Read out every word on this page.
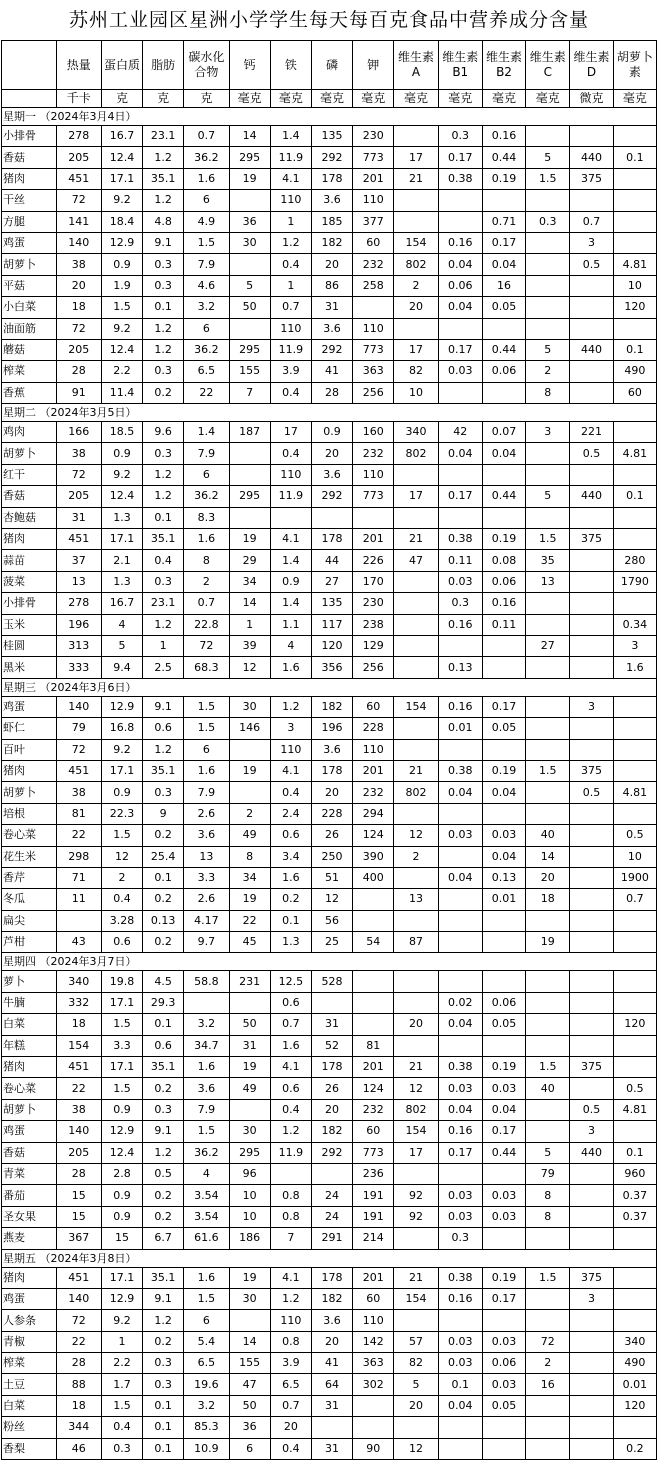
苏州工业园区星洲小学学生每天每百克食品中营养成分含量
	热量	蛋白质	脂肪	碳水化合物	钙	铁	磷	钾	维生素A	维生素B1	维生素B2	维生素C	维生素D	胡萝卜素
	千卡	克	克	克	毫克	毫克	毫克	毫克	毫克	毫克	毫克	毫克	微克	毫克
星期一 （2024年3月4日）														
小排骨	278	16.7	23.1	0.7	14	1.4	135	230		0.3	0.16			
香菇	205	12.4	1.2	36.2	295	11.9	292	773	17	0.17	0.44	5	440	0.1
猪肉	451	17.1	35.1	1.6	19	4.1	178	201	21	0.38	0.19	1.5	375	
干丝	72	9.2	1.2	6		110	3.6	110						
方腿	141	18.4	4.8	4.9	36	1	185	377			0.71	0.3	0.7	
鸡蛋	140	12.9	9.1	1.5	30	1.2	182	60	154	0.16	0.17		3	
胡萝卜	38	0.9	0.3	7.9		0.4	20	232	802	0.04	0.04		0.5	4.81
平菇	20	1.9	0.3	4.6	5	1	86	258	2	0.06	16			10
小白菜	18	1.5	0.1	3.2	50	0.7	31		20	0.04	0.05			120
油面筋	72	9.2	1.2	6		110	3.6	110						
蘑菇	205	12.4	1.2	36.2	295	11.9	292	773	17	0.17	0.44	5	440	0.1
榨菜	28	2.2	0.3	6.5	155	3.9	41	363	82	0.03	0.06	2		490
香蕉	91	11.4	0.2	22	7	0.4	28	256	10			8		60
星期二 （2024年3月5日）														
鸡肉	166	18.5	9.6	1.4	187	17	0.9	160	340	42	0.07	3	221	
胡萝卜	38	0.9	0.3	7.9		0.4	20	232	802	0.04	0.04		0.5	4.81
红干	72	9.2	1.2	6		110	3.6	110						
香菇	205	12.4	1.2	36.2	295	11.9	292	773	17	0.17	0.44	5	440	0.1
杏鲍菇	31	1.3	0.1	8.3										
猪肉	451	17.1	35.1	1.6	19	4.1	178	201	21	0.38	0.19	1.5	375	
蒜苗	37	2.1	0.4	8	29	1.4	44	226	47	0.11	0.08	35		280
菠菜	13	1.3	0.3	2	34	0.9	27	170		0.03	0.06	13		1790
小排骨	278	16.7	23.1	0.7	14	1.4	135	230		0.3	0.16			
玉米	196	4	1.2	22.8	1	1.1	117	238		0.16	0.11			0.34
桂圆	313	5	1	72	39	4	120	129				27		3
黑米	333	9.4	2.5	68.3	12	1.6	356	256		0.13				1.6
星期三 （2024年3月6日）														
鸡蛋	140	12.9	9.1	1.5	30	1.2	182	60	154	0.16	0.17		3	
虾仁	79	16.8	0.6	1.5	146	3	196	228		0.01	0.05			
百叶	72	9.2	1.2	6		110	3.6	110						
猪肉	451	17.1	35.1	1.6	19	4.1	178	201	21	0.38	0.19	1.5	375	
胡萝卜	38	0.9	0.3	7.9		0.4	20	232	802	0.04	0.04		0.5	4.81
培根	81	22.3	9	2.6	2	2.4	228	294						
卷心菜	22	1.5	0.2	3.6	49	0.6	26	124	12	0.03	0.03	40		0.5
花生米	298	12	25.4	13	8	3.4	250	390	2		0.04	14		10
香芹	71	2	0.1	3.3	34	1.6	51	400		0.04	0.13	20		1900
冬瓜	11	0.4	0.2	2.6	19	0.2	12		13		0.01	18		0.7
扁尖		3.28	0.13	4.17	22	0.1	56							
芦柑	43	0.6	0.2	9.7	45	1.3	25	54	87			19		
星期四 （2024年3月7日）														
萝卜	340	19.8	4.5	58.8	231	12.5	528							
牛腩	332	17.1	29.3			0.6				0.02	0.06			
白菜	18	1.5	0.1	3.2	50	0.7	31		20	0.04	0.05			120
年糕	154	3.3	0.6	34.7	31	1.6	52	81						
猪肉	451	17.1	35.1	1.6	19	4.1	178	201	21	0.38	0.19	1.5	375	
卷心菜	22	1.5	0.2	3.6	49	0.6	26	124	12	0.03	0.03	40		0.5
胡萝卜	38	0.9	0.3	7.9		0.4	20	232	802	0.04	0.04		0.5	4.81
鸡蛋	140	12.9	9.1	1.5	30	1.2	182	60	154	0.16	0.17		3	
香菇	205	12.4	1.2	36.2	295	11.9	292	773	17	0.17	0.44	5	440	0.1
青菜	28	2.8	0.5	4	96			236				79		960
番茄	15	0.9	0.2	3.54	10	0.8	24	191	92	0.03	0.03	8		0.37
圣女果	15	0.9	0.2	3.54	10	0.8	24	191	92	0.03	0.03	8		0.37
燕麦	367	15	6.7	61.6	186	7	291	214		0.3				
星期五 （2024年3月8日）														
猪肉	451	17.1	35.1	1.6	19	4.1	178	201	21	0.38	0.19	1.5	375	
鸡蛋	140	12.9	9.1	1.5	30	1.2	182	60	154	0.16	0.17		3	
人参条	72	9.2	1.2	6		110	3.6	110						
青椒	22	1	0.2	5.4	14	0.8	20	142	57	0.03	0.03	72		340
榨菜	28	2.2	0.3	6.5	155	3.9	41	363	82	0.03	0.06	2		490
土豆	88	1.7	0.3	19.6	47	6.5	64	302	5	0.1	0.03	16		0.01
白菜	18	1.5	0.1	3.2	50	0.7	31		20	0.04	0.05			120
粉丝	344	0.4	0.1	85.3	36	20								
香梨	46	0.3	0.1	10.9	6	0.4	31	90	12					0.2
